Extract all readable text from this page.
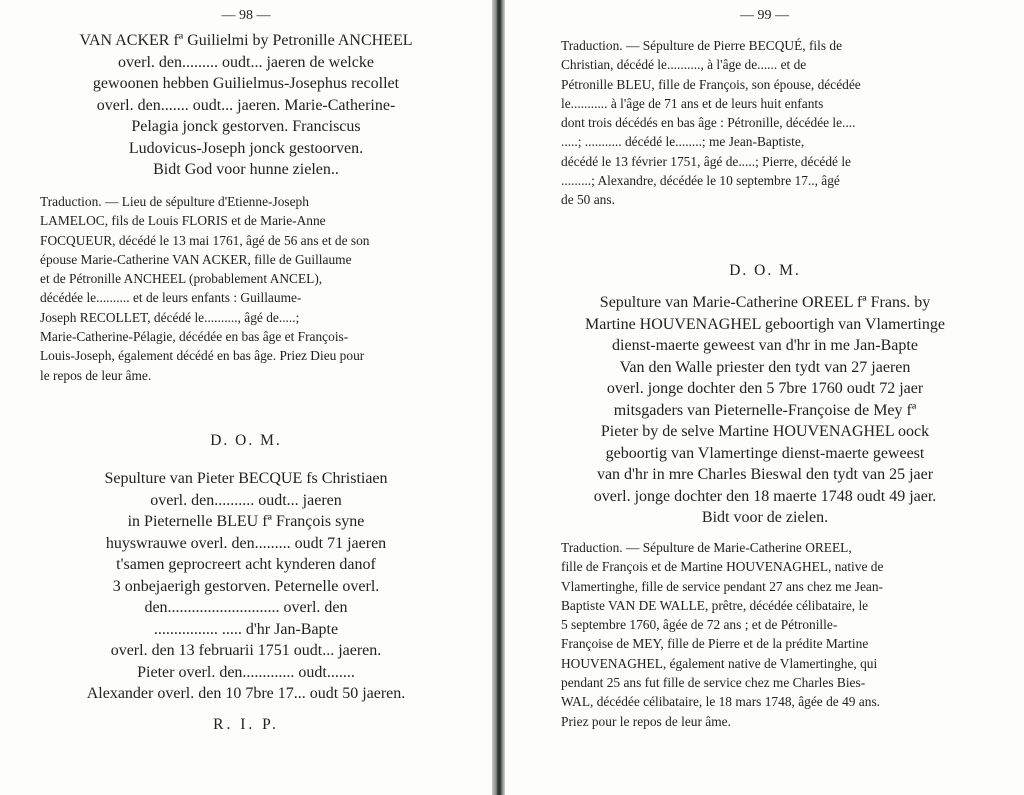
— 98 —

VAN ACKER fª Guilielmi by Petronille ANCHEEL

overl. den......... oudt... jaeren de welcke

gewoonen hebben Guilielmus-Josephus recollet

overl. den....... oudt... jaeren. Marie-Catherine-

Pelagia jonck gestorven. Franciscus

Ludovicus-Joseph jonck gestoorven.

Bidt God voor hunne zielen..

Traduction. — Lieu de sépulture d'Etienne-Joseph

LAMELOC, fils de Louis FLORIS et de Marie-Anne

FOCQUEUR, décédé le 13 mai 1761, âgé de 56 ans et de son

épouse Marie-Catherine VAN ACKER, fille de Guillaume

et de Pétronille ANCHEEL (probablement ANCEL),

décédée le.......... et de leurs enfants : Guillaume-

Joseph RECOLLET, décédé le.........., âgé de.....;

Marie-Catherine-Pélagie, décédée en bas âge et François-

Louis-Joseph, également décédé en bas âge. Priez Dieu pour

le repos de leur âme.

D. O. M.

Sepulture van Pieter BECQUE fs Christiaen

overl. den.......... oudt... jaeren

in Pieternelle BLEU fª François syne

huyswrauwe overl. den......... oudt 71 jaeren

t'samen geprocreert acht kynderen danof

3 onbejaerigh gestorven. Peternelle overl.

den............................ overl. den

................ ..... d'hr Jan-Bapte

overl. den 13 februarii 1751 oudt... jaeren.

Pieter overl. den............. oudt.......

Alexander overl. den 10 7bre 17... oudt 50 jaeren.

R. I. P.

— 99 —

Traduction. — Sépulture de Pierre BECQUÉ, fils de

Christian, décédé le.........., à l'âge de...... et de

Pétronille BLEU, fille de François, son épouse, décédée

le........... à l'âge de 71 ans et de leurs huit enfants

dont trois décédés en bas âge : Pétronille, décédée le....

.....; ........... décédé le........; me Jean-Baptiste,

décédé le 13 février 1751, âgé de.....; Pierre, décédé le

.........; Alexandre, décédée le 10 septembre 17.., âgé

de 50 ans.

D. O. M.

Sepulture van Marie-Catherine OREEL fª Frans. by

Martine HOUVENAGHEL geboortigh van Vlamertinge

dienst-maerte geweest van d'hr in me Jan-Bapte

Van den Walle priester den tydt van 27 jaeren

overl. jonge dochter den 5 7bre 1760 oudt 72 jaer

mitsgaders van Pieternelle-Françoise de Mey fª

Pieter by de selve Martine HOUVENAGHEL oock

geboortig van Vlamertinge dienst-maerte geweest

van d'hr in mre Charles Bieswal den tydt van 25 jaer

overl. jonge dochter den 18 maerte 1748 oudt 49 jaer.

Bidt voor de zielen.

Traduction. — Sépulture de Marie-Catherine OREEL,

fille de François et de Martine HOUVENAGHEL, native de

Vlamertinghe, fille de service pendant 27 ans chez me Jean-

Baptiste VAN DE WALLE, prêtre, décédée célibataire, le

5 septembre 1760, âgée de 72 ans ; et de Pétronille-

Françoise de MEY, fille de Pierre et de la prédite Martine

HOUVENAGHEL, également native de Vlamertinghe, qui

pendant 25 ans fut fille de service chez me Charles Bies-

WAL, décédée célibataire, le 18 mars 1748, âgée de 49 ans.

Priez pour le repos de leur âme.
